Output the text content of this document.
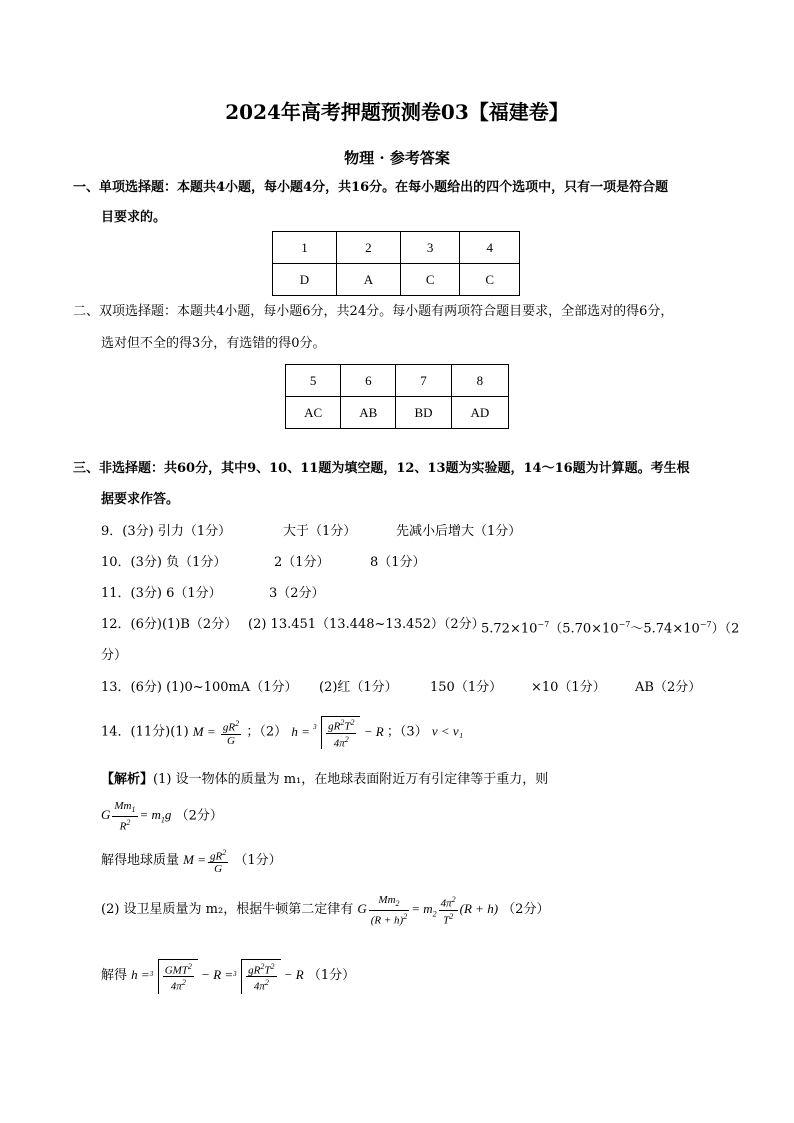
2024年高考押题预测卷03【福建卷】
物理 · 参考答案
一、单项选择题：本题共4小题，每小题4分，共16分。在每小题给出的四个选项中，只有一项是符合题
目要求的。
1	2	3	4
D	A	C	C
二、双项选择题：本题共4小题，每小题6分，共24分。每小题有两项符合题目要求，全部选对的得6分，
选对但不全的得3分，有选错的得0分。
5	6	7	8
AC	AB	BD	AD
三、非选择题：共60分，其中9、10、11题为填空题，12、13题为实验题，14～16题为计算题。考生根
据要求作答。
9．(3分) 引力（1分）	大于（1分）	先减小后增大（1分）
10．(3分) 负（1分）	2（1分）	8（1分）
11．(3分) 6（1分）	3（2分）
12．(6分)(1)B（2分） (2) 13.451（13.448~13.452）（2分）
$5.72\times 10^{-7}(5.70\times 10^{-7}\sim 5.74\times 10^{-7})(2$
分）
13．(6分) (1)0~100mA（1分） (2)红（1分） 150（1分） ×10（1分） AB（2分）
14．(11分)(1) $M = \frac{gR^2}{G}$ ；（2） $h = 3 \frac{gR^2T^2}{4\pi^2} - R$ ；（3） v < v₁
【解析】(1) 设一物体的质量为 m₁，在地球表面附近万有引定律等于重力，则
G $\frac{Mm_1}{R^2} = m_1g$ （2分）
解得地球质量 $M = \frac{gR^2}{G} (1$分）
(2) 设卫星质量为 m₂，根据牛顿第二定律有 G $\frac{Mm_2}{(R + h)^2} = m_2 \frac{4\pi^2}{T^2} (R + h)$ （2分）
解得 $h = 3 \frac{GMT^2}{4\pi^2} - R = 3 \frac{gR^2T^2}{4\pi^2} - R$ （1分）
